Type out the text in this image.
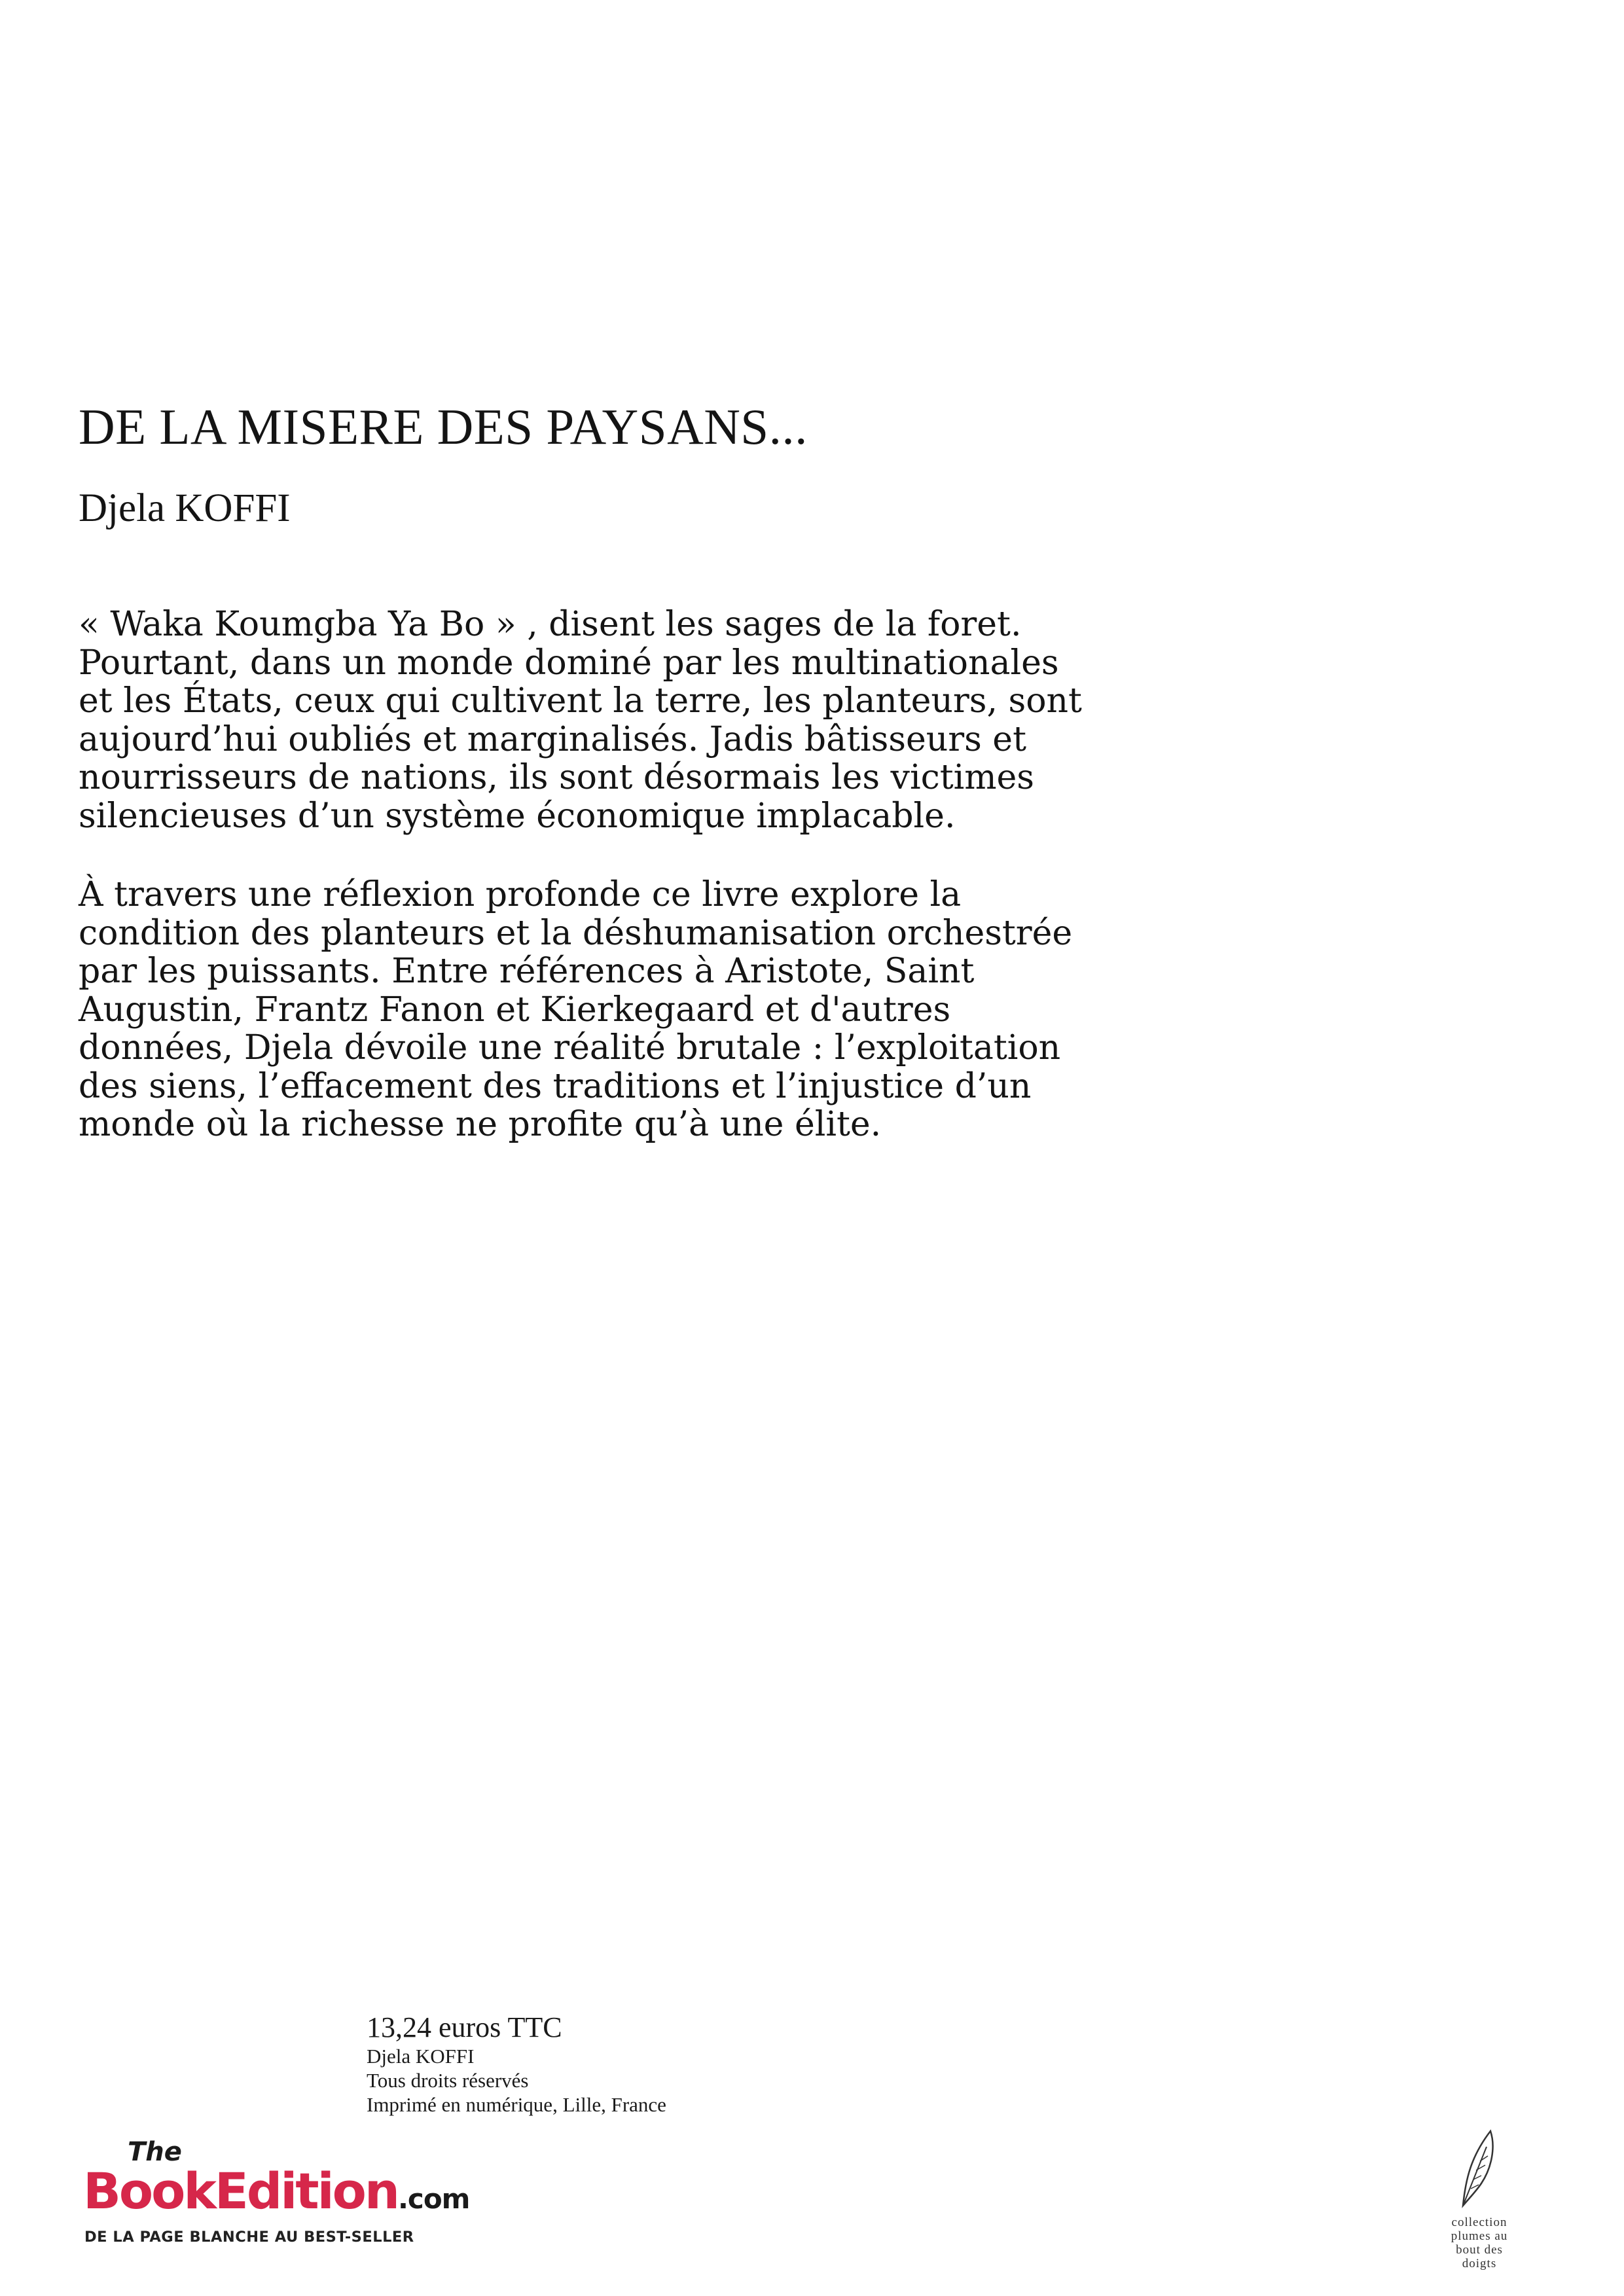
DE LA MISERE DES PAYSANS...
Djela KOFFI

« Waka Koumgba Ya Bo » , disent les sages de la foret.
Pourtant, dans un monde dominé par les multinationales
et les États, ceux qui cultivent la terre, les planteurs, sont
aujourd’hui oubliés et marginalisés. Jadis bâtisseurs et
nourrisseurs de nations, ils sont désormais les victimes
silencieuses d’un système économique implacable.

À travers une réflexion profonde ce livre explore la
condition des planteurs et la déshumanisation orchestrée
par les puissants. Entre références à Aristote, Saint
Augustin, Frantz Fanon et Kierkegaard et d'autres
données, Djela dévoile une réalité brutale : l’exploitation
des siens, l’effacement des traditions et l’injustice d’un
monde où la richesse ne profite qu’à une élite.

13,24 euros TTC
Djela KOFFI
Tous droits réservés
Imprimé en numérique, Lille, France
The
BookEdition.com
DE LA PAGE BLANCHE AU BEST-SELLER
collection
plumes au
bout des
doigts
